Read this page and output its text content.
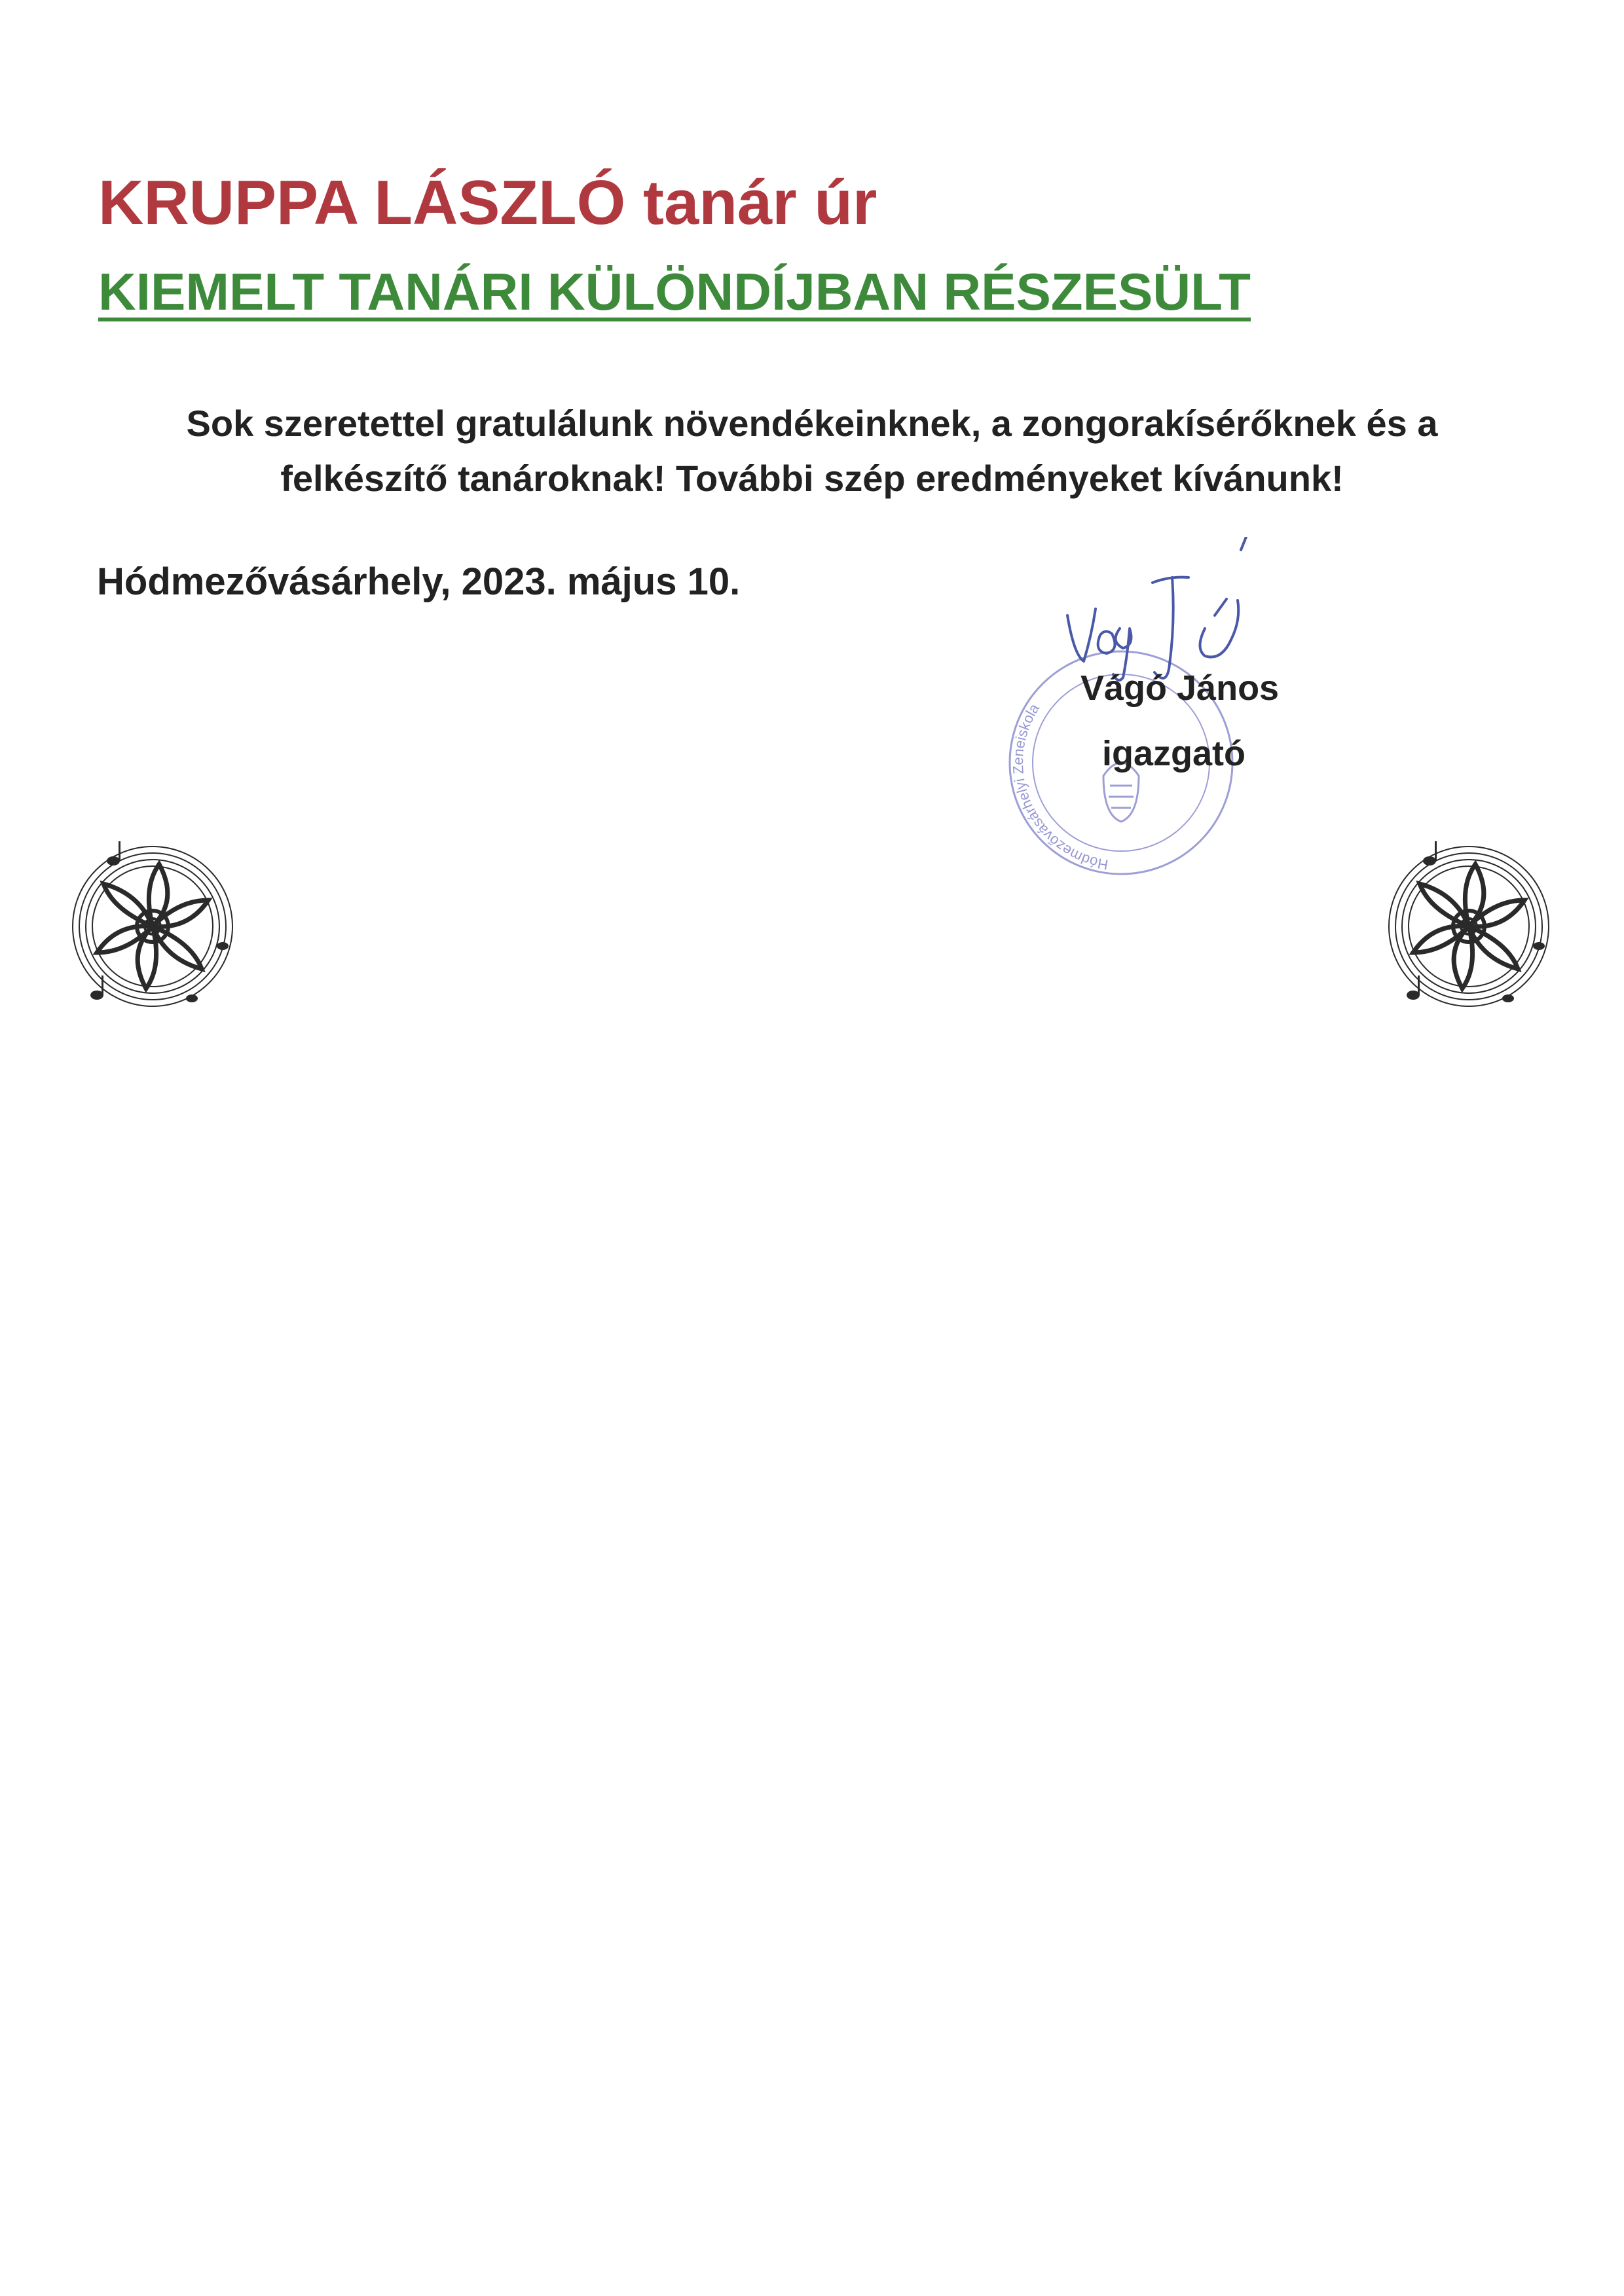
KRUPPA LÁSZLÓ tanár úr
KIEMELT TANÁRI KÜLÖNDÍJBAN RÉSZESÜLT
Sok szeretettel gratulálunk növendékeinknek, a zongorakísérőknek és a
felkészítő tanároknak! További szép eredményeket kívánunk!
Hódmezővásárhely, 2023. május 10.
Hódmezővásárhelyi Zeneiskola
Vágó János
igazgató
